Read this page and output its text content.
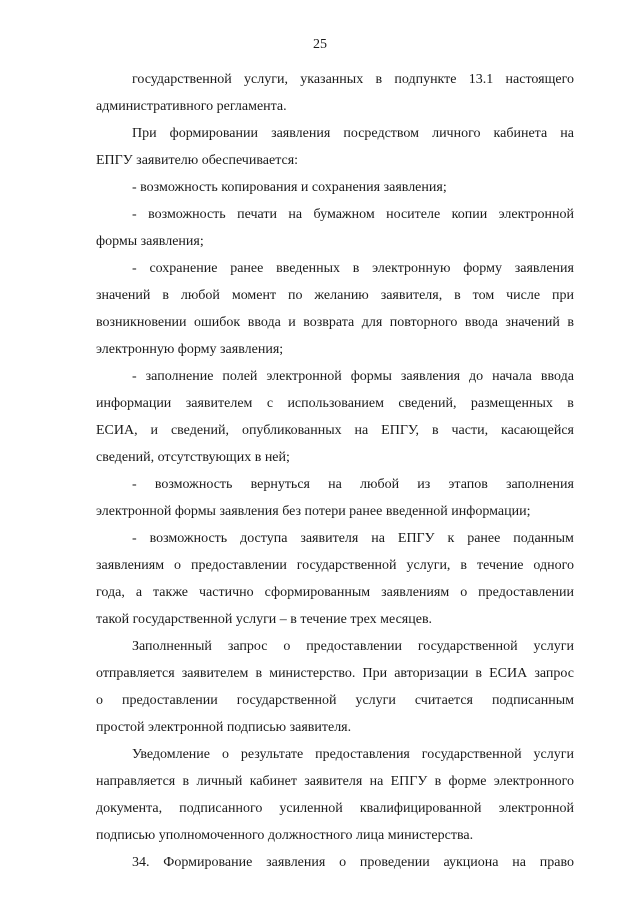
25
государственной услуги, указанных в подпункте 13.1 настоящего
административного регламента.
При формировании заявления посредством личного кабинета на
ЕПГУ заявителю обеспечивается:
- возможность копирования и сохранения заявления;
- возможность печати на бумажном носителе копии электронной
формы заявления;
- сохранение ранее введенных в электронную форму заявления
значений в любой момент по желанию заявителя, в том числе при
возникновении ошибок ввода и возврата для повторного ввода значений в
электронную форму заявления;
- заполнение полей электронной формы заявления до начала ввода
информации заявителем с использованием сведений, размещенных в
ЕСИА, и сведений, опубликованных на ЕПГУ, в части, касающейся
сведений, отсутствующих в ней;
- возможность вернуться на любой из этапов заполнения
электронной формы заявления без потери ранее введенной информации;
- возможность доступа заявителя на ЕПГУ к ранее поданным
заявлениям о предоставлении государственной услуги, в течение одного
года, а также частично сформированным заявлениям о предоставлении
такой государственной услуги – в течение трех месяцев.
Заполненный запрос о предоставлении государственной услуги
отправляется заявителем в министерство. При авторизации в ЕСИА запрос
о предоставлении государственной услуги считается подписанным
простой электронной подписью заявителя.
Уведомление о результате предоставления государственной услуги
направляется в личный кабинет заявителя на ЕПГУ в форме электронного
документа, подписанного усиленной квалифицированной электронной
подписью уполномоченного должностного лица министерства.
34. Формирование заявления о проведении аукциона на право
